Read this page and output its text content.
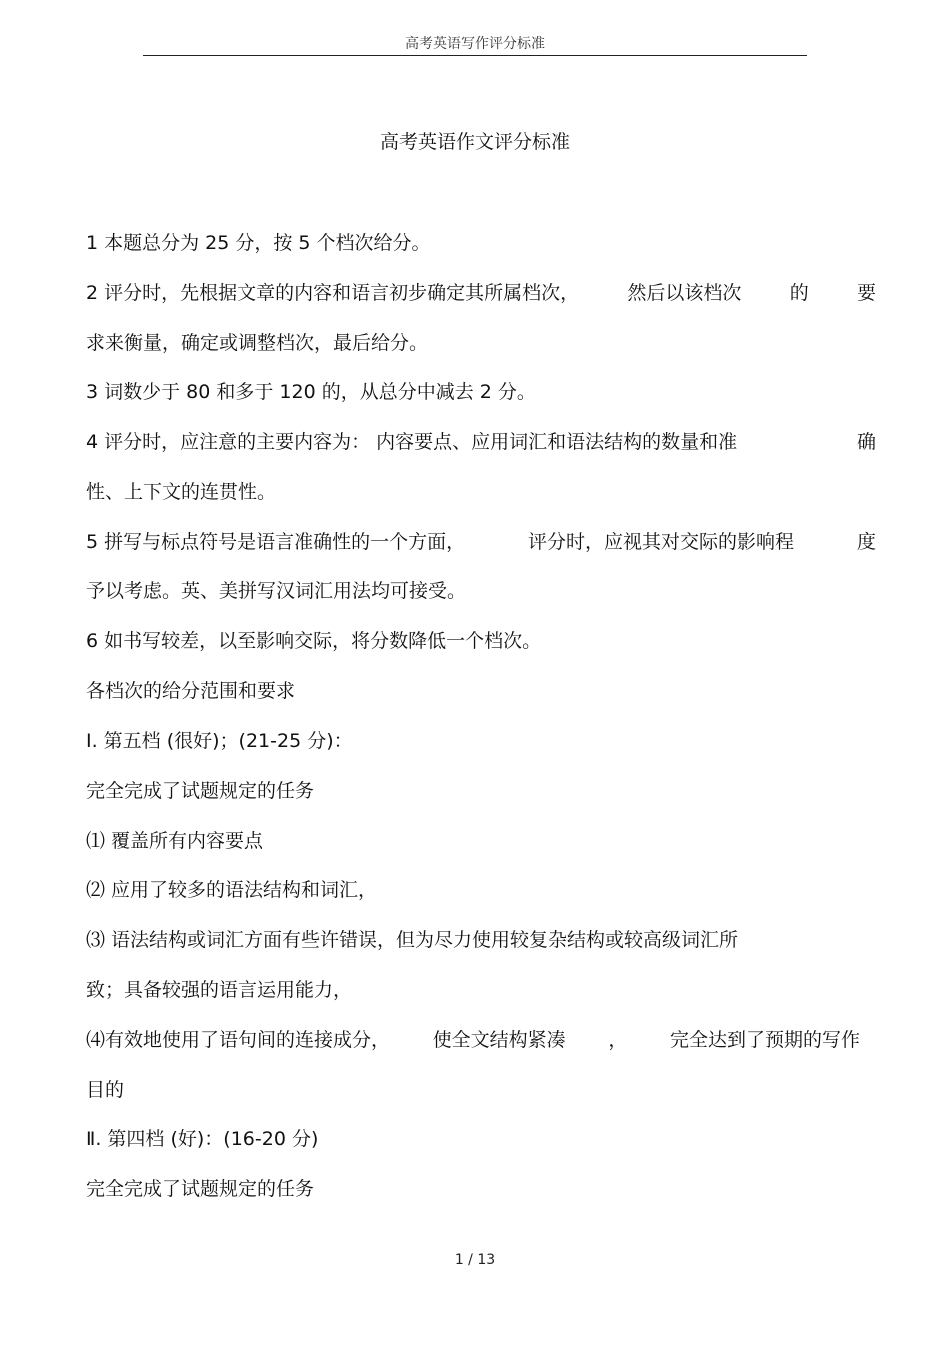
高考英语写作评分标准
高考英语作文评分标准
1 本题总分为 25 分，按 5 个档次给分。
2 评分时，先根据文章的内容和语言初步确定其所属档次，	然后以该档次	的	要
求来衡量，确定或调整档次，最后给分。
3 词数少于 80 和多于 120 的，从总分中减去 2 分。
4 评分时，应注意的主要内容为： 内容要点、应用词汇和语法结构的数量和准	确
性、上下文的连贯性。
5 拼写与标点符号是语言准确性的一个方面，	评分时，应视其对交际的影响程	度
予以考虑。英、美拼写汉词汇用法均可接受。
6 如书写较差，以至影响交际，将分数降低一个档次。
各档次的给分范围和要求
Ⅰ. 第五档 (很好)；(21-25 分)：
完全完成了试题规定的任务
⑴ 覆盖所有内容要点
⑵ 应用了较多的语法结构和词汇，
⑶ 语法结构或词汇方面有些许错误，但为尽力使用较复杂结构或较高级词汇所
致；具备较强的语言运用能力，
⑷有效地使用了语句间的连接成分， 使全文结构紧凑 ， 完全达到了预期的写作
目的
Ⅱ. 第四档 (好)：(16-20 分)
完全完成了试题规定的任务
1 / 13
